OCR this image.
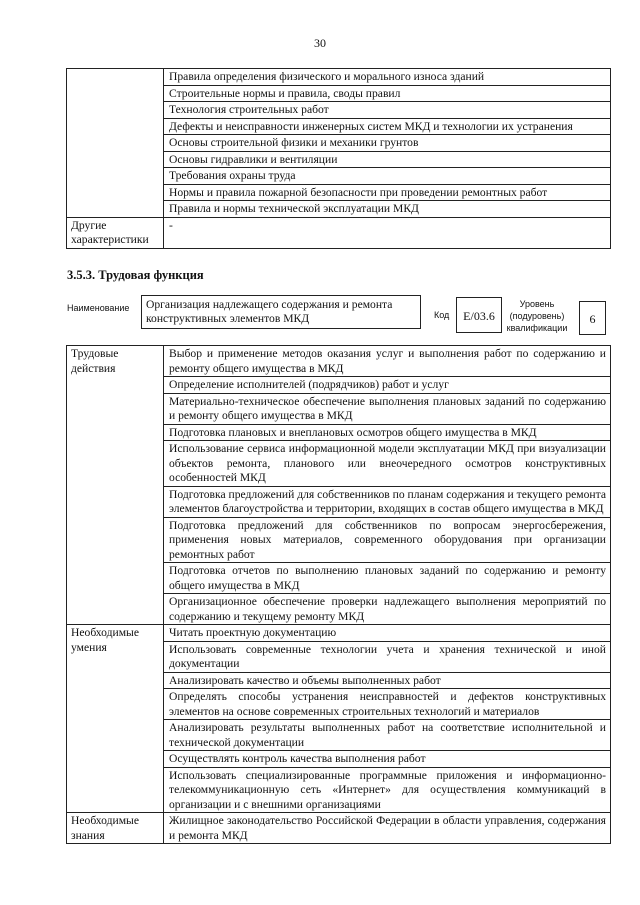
30
	Правила определения физического и морального износа зданий
	Строительные нормы и правила, своды правил
	Технология строительных работ
	Дефекты и неисправности инженерных систем МКД и технологии их устранения
	Основы строительной физики и механики грунтов
	Основы гидравлики и вентиляции
	Требования охраны труда
	Нормы и правила пожарной безопасности при проведении ремонтных работ
	Правила и нормы технической эксплуатации МКД
Другие характеристики	-
3.5.3. Трудовая функция
Наименование	Организация надлежащего содержания и ремонта конструктивных элементов МКД	Код	E/03.6
Уровень (подуровень) квалификации
6
Трудовые действия	Выбор и применение методов оказания услуг и выполнения работ по содержанию и ремонту общего имущества в МКД
	Определение исполнителей (подрядчиков) работ и услуг
	Материально-техническое обеспечение выполнения плановых заданий по содержанию и ремонту общего имущества в МКД
	Подготовка плановых и внеплановых осмотров общего имущества в МКД
	Использование сервиса информационной модели эксплуатации МКД при визуализации объектов ремонта, планового или внеочередного осмотров конструктивных особенностей МКД
	Подготовка предложений для собственников по планам содержания и текущего ремонта элементов благоустройства и территории, входящих в состав общего имущества в МКД
	Подготовка предложений для собственников по вопросам энергосбережения, применения новых материалов, современного оборудования при организации ремонтных работ
	Подготовка отчетов по выполнению плановых заданий по содержанию и ремонту общего имущества в МКД
	Организационное обеспечение проверки надлежащего выполнения мероприятий по содержанию и текущему ремонту МКД
Необходимые умения	Читать проектную документацию
	Использовать современные технологии учета и хранения технической и иной документации
	Анализировать качество и объемы выполненных работ
	Определять способы устранения неисправностей и дефектов конструктивных элементов на основе современных строительных технологий и материалов
	Анализировать результаты выполненных работ на соответствие исполнительной и технической документации
	Осуществлять контроль качества выполнения работ
	Использовать специализированные программные приложения и информационно-телекоммуникационную сеть «Интернет» для осуществления коммуникаций в организации и с внешними организациями
Необходимые знания	Жилищное законодательство Российской Федерации в области управления, содержания и ремонта МКД
